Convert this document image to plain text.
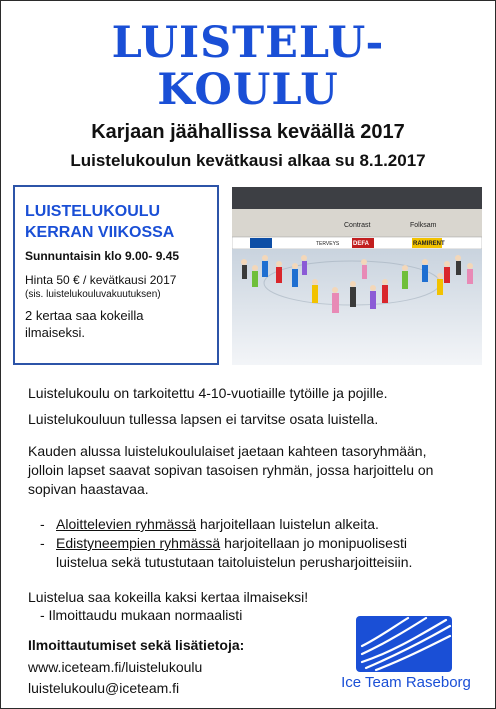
LUISTELU-
KOULU
Karjaan jäähallissa keväällä 2017
Luistelukoulun kevätkausi alkaa su 8.1.2017
LUISTELUKOULU
KERRAN VIIKOSSA
Sunnuntaisin klo 9.00- 9.45
Hinta 50 € / kevätkausi 2017
(sis. luistelukouluvakuutuksen)
2 kertaa saa kokeilla
ilmaiseksi.
Contrast	Folksam
TERVEYS DEFA	RAMIRENT
Luistelukoulu on tarkoitettu 4-10-vuotiaille tytöille ja pojille.
Luistelukouluun tullessa lapsen ei tarvitse osata luistella.
Kauden alussa luistelukoululaiset jaetaan kahteen tasoryhmään,
jolloin lapset saavat sopivan tasoisen ryhmän, jossa harjoittelu on
sopivan haastavaa.
- Aloittelevien ryhmässä harjoitellaan luistelun alkeita.
- Edistyneempien ryhmässä harjoitellaan jo monipuolisesti
luistelua sekä tutustutaan taitoluistelun perusharjoitteisiin.
Luistelua saa kokeilla kaksi kertaa ilmaiseksi!
- Ilmoittaudu mukaan normaalisti
Ilmoittautumiset sekä lisätietoja:
www.iceteam.fi/luistelukoulu
luistelukoulu@iceteam.fi	Ice Team Raseborg
